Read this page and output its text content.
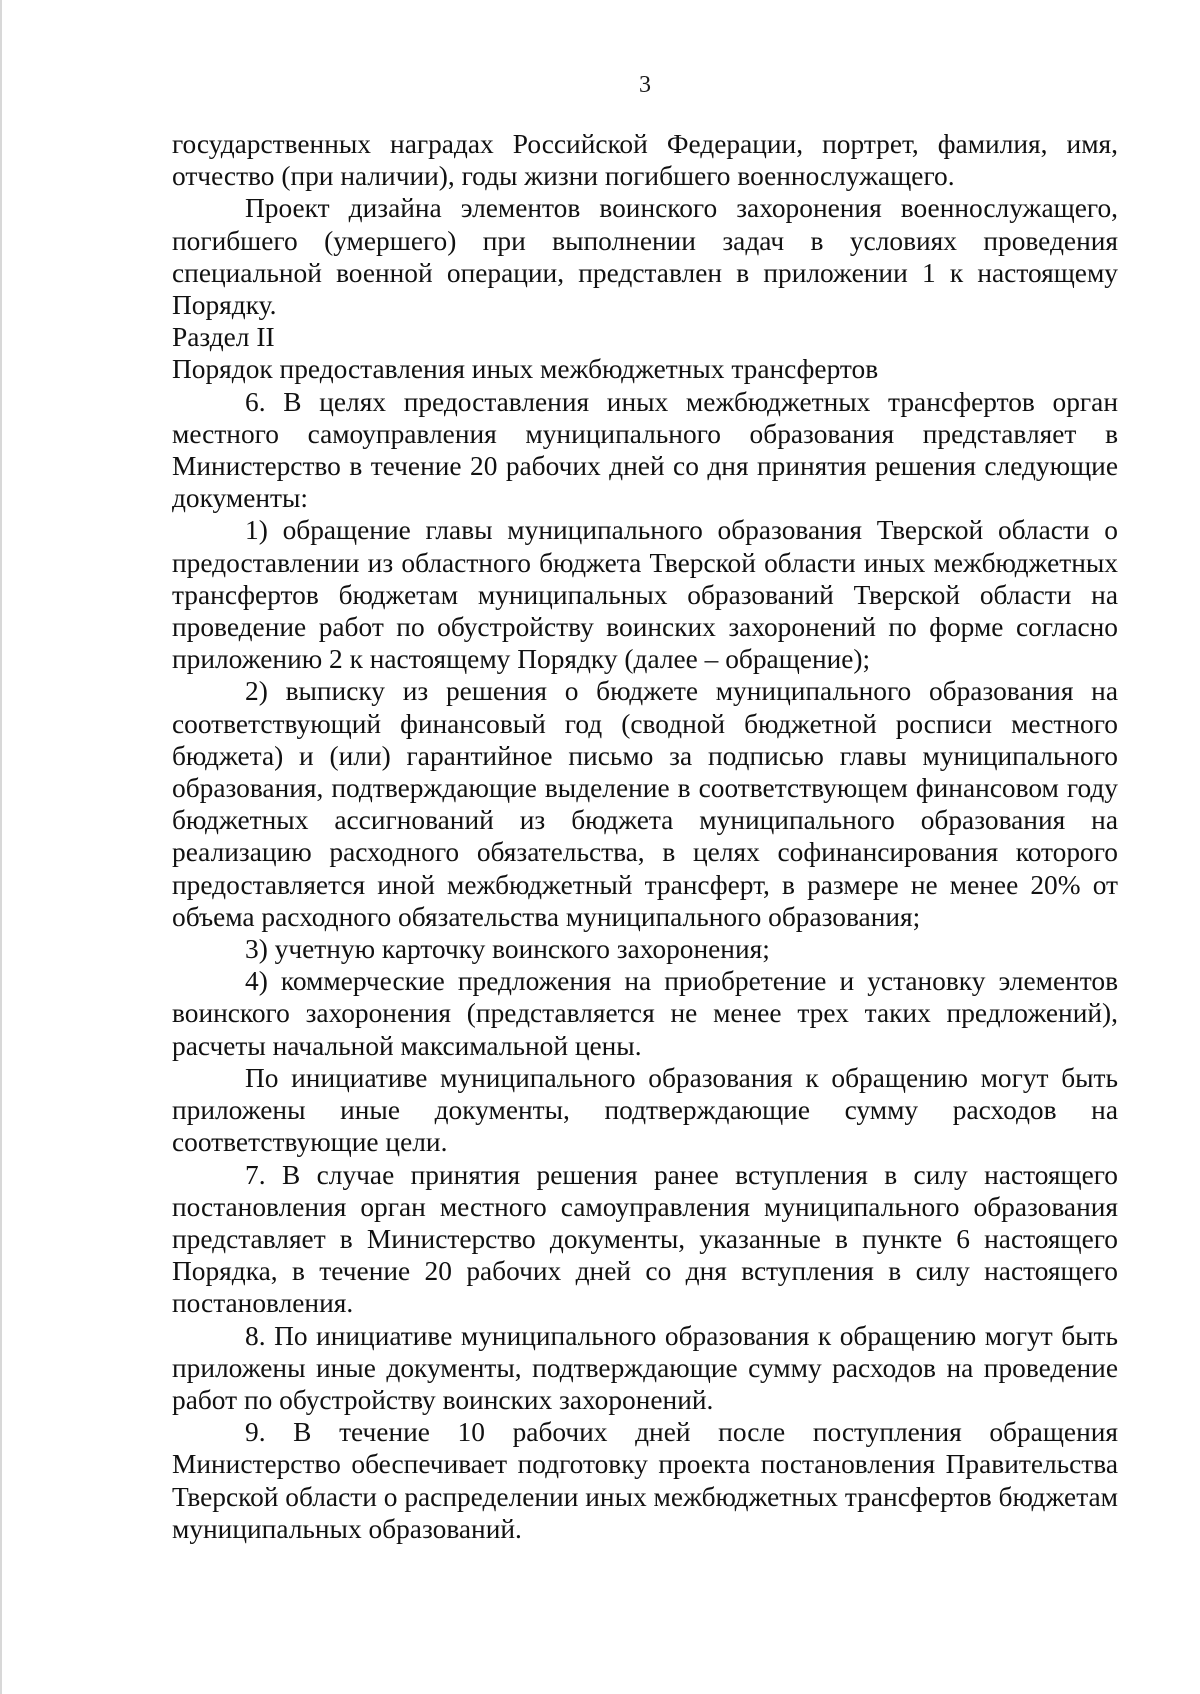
3

государственных наградах Российской Федерации, портрет, фамилия, имя, отчество (при наличии), годы жизни погибшего военнослужащего.

Проект дизайна элементов воинского захоронения военнослужащего, погибшего (умершего) при выполнении задач в условиях проведения специальной военной операции, представлен в приложении 1 к настоящему Порядку.

Раздел II

Порядок предоставления иных межбюджетных трансфертов

6. В целях предоставления иных межбюджетных трансфертов орган местного самоуправления муниципального образования представляет в Министерство в течение 20 рабочих дней со дня принятия решения следующие документы:

1) обращение главы муниципального образования Тверской области о предоставлении из областного бюджета Тверской области иных межбюджетных трансфертов бюджетам муниципальных образований Тверской области на проведение работ по обустройству воинских захоронений по форме согласно приложению 2 к настоящему Порядку (далее – обращение);

2) выписку из решения о бюджете муниципального образования на соответствующий финансовый год (сводной бюджетной росписи местного бюджета) и (или) гарантийное письмо за подписью главы муниципального образования, подтверждающие выделение в соответствующем финансовом году бюджетных ассигнований из бюджета муниципального образования на реализацию расходного обязательства, в целях софинансирования которого предоставляется иной межбюджетный трансферт, в размере не менее 20% от объема расходного обязательства муниципального образования;

3) учетную карточку воинского захоронения;

4) коммерческие предложения на приобретение и установку элементов воинского захоронения (представляется не менее трех таких предложений), расчеты начальной максимальной цены.

По инициативе муниципального образования к обращению могут быть приложены иные документы, подтверждающие сумму расходов на соответствующие цели.

7. В случае принятия решения ранее вступления в силу настоящего постановления орган местного самоуправления муниципального образования представляет в Министерство документы, указанные в пункте 6 настоящего Порядка, в течение 20 рабочих дней со дня вступления в силу настоящего постановления.

8. По инициативе муниципального образования к обращению могут быть приложены иные документы, подтверждающие сумму расходов на проведение работ по обустройству воинских захоронений.

9. В течение 10 рабочих дней после поступления обращения Министерство обеспечивает подготовку проекта постановления Правительства Тверской области о распределении иных межбюджетных трансфертов бюджетам муниципальных образований.
